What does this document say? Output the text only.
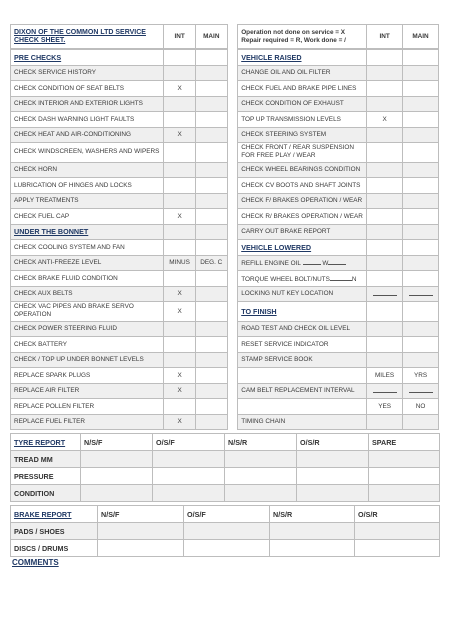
DIXON OF THE COMMON LTD SERVICE CHECK SHEET.	INT	MAIN		Operation not done on service = X Repair required = R, Work done = /	INT	MAIN
PRE CHECKS				VEHICLE RAISED		
CHECK SERVICE HISTORY				CHANGE OIL AND OIL FILTER		
CHECK CONDITION OF SEAT BELTS	X			CHECK FUEL AND BRAKE PIPE LINES		
CHECK INTERIOR AND EXTERIOR LIGHTS				CHECK CONDITION OF EXHAUST		
CHECK DASH WARNING LIGHT FAULTS				TOP UP TRANSMISSION LEVELS	X	
CHECK HEAT AND AIR-CONDITIONING	X			CHECK STEERING SYSTEM		
CHECK WINDSCREEN, WASHERS AND WIPERS				CHECK FRONT / REAR SUSPENSION FOR FREE PLAY / WEAR		
CHECK HORN				CHECK WHEEL BEARINGS CONDITION		
LUBRICATION OF HINGES AND LOCKS				CHECK CV BOOTS AND SHAFT JOINTS		
APPLY TREATMENTS				CHECK F/ BRAKES OPERATION / WEAR		
CHECK FUEL CAP	X			CHECK R/ BRAKES OPERATION / WEAR		
UNDER THE BONNET				CARRY OUT BRAKE REPORT		
CHECK COOLING SYSTEM AND FAN				VEHICLE LOWERED		
CHECK ANTI-FREEZE LEVEL	MINUS	DEG. C		REFILL ENGINE OIL W		
CHECK BRAKE FLUID CONDITION				TORQUE WHEEL BOLT/NUTS N		
CHECK AUX BELTS	X			LOCKING NUT KEY LOCATION		
CHECK VAC PIPES AND BRAKE SERVO OPERATION	X			TO FINISH		
CHECK POWER STEERING FLUID				ROAD TEST AND CHECK OIL LEVEL		
CHECK BATTERY				RESET SERVICE INDICATOR		
CHECK / TOP UP UNDER BONNET LEVELS				STAMP SERVICE BOOK		
REPLACE SPARK PLUGS	X				MILES	YRS
REPLACE AIR FILTER	X			CAM BELT REPLACEMENT INTERVAL		
REPLACE POLLEN FILTER					YES	NO
REPLACE FUEL FILTER	X			TIMING CHAIN		
TYRE REPORT	N/S/F	O/S/F	N/S/R	O/S/R	SPARE
TREAD MM					
PRESSURE					
CONDITION					
BRAKE REPORT	N/S/F	O/S/F	N/S/R	O/S/R
PADS / SHOES				
DISCS / DRUMS				
COMMENTS
